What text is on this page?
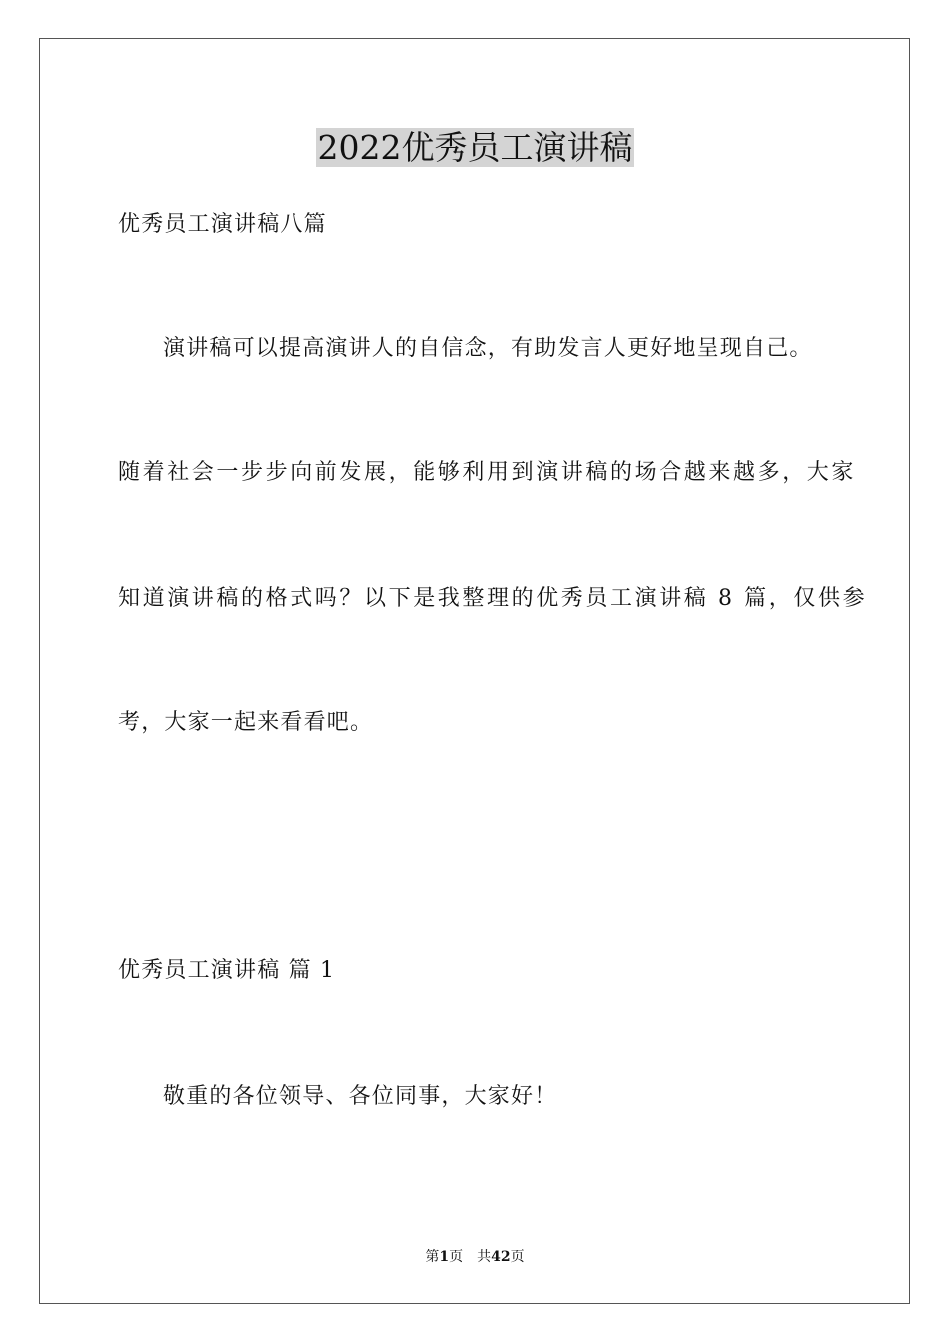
2022优秀员工演讲稿
优秀员工演讲稿八篇
演讲稿可以提高演讲人的自信念，有助发言人更好地呈现自己。
随着社会一步步向前发展，能够利用到演讲稿的场合越来越多，大家
知道演讲稿的格式吗？以下是我整理的优秀员工演讲稿 8 篇，仅供参
考，大家一起来看看吧。
优秀员工演讲稿 篇 1
敬重的各位领导、各位同事，大家好！
第1页 共42页
